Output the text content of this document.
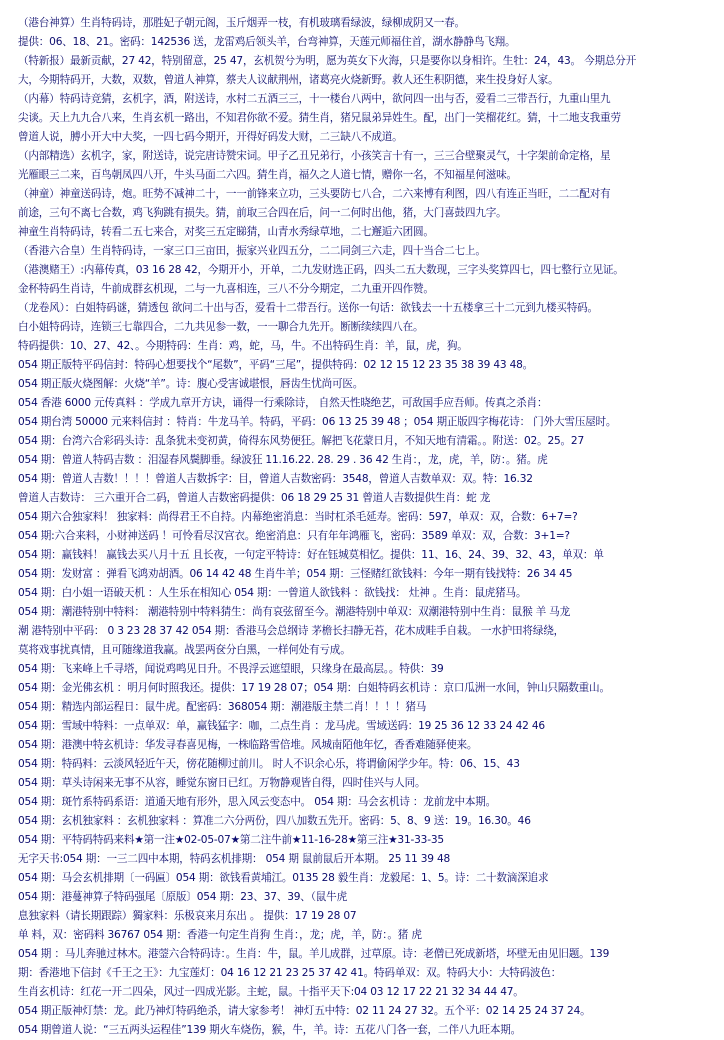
（港台神算）生肖特码诗，那胜妃子朝元阁，玉斤烟弄一枝，有机玻璃看绿波，绿柳成阴又一春。
提供：06、18、21。密码：142536 送，龙雷鸡后领头羊，台弯神算，天莲元师福住首，湖水静静鸟飞翔。
（特新报）最新贡献，27 42，特别留意，25 47，玄机贺兮为明，愿为英女下火海，只是要你以身相许。生牡：24，43。 今期总分开
大，今期特码开，大数，双数，曾道人神算，蔡夫人议献荆州，诸葛亮火烧新野。救人还生积阴德，来生投身好人家。
（内幕）特码诗竞猜，玄机字，酒，附送诗，水村二五酒三三，十一楼台八两中，欲问四一出与否，爱看二三带吾行，九重山里九
尖谈。天上九九合八来，生肖玄机一路出，不知君你欲不爱。猜生肖，猪兄鼠弟异姓生。配，出门一笑榴花红。猜，十二地支我重劳
曾道人说，膊小开大中大奖，一四七码今期开，开得好码发大财，二三缺八不成道。
（内部精选）玄机字，家，附送诗，说完唐诗赞宋词。甲子乙丑兄弟行，小孩笑言十有一，三三合壁聚灵气，十字架前命定格，星
光雁眼三二来，百鸟朝凤四八开，牛头马面二六四。猜生肖，福久之人道七情，赠你一名，不知福星何滋味。
（神童）神童送码诗，炮。旺势不减神二十，一一前锋来立功，三头要防七八合，二六来博有利图，四八有连正当旺，二二配对有
前途，三句不离七合数，鸡飞狗跳有损失。猜，前取三合四在后，问一二何时出他，猪，大门喜鼓四九字。
神童生肖特码诗，转看二五七来合，对奖三五定睇猜，山青水秀绿草地，二七邂逅六团圆。
（香港六合皇）生肖特码诗，一家三口三亩田，振家兴业四五分，二二同剑三六走，四十当合二七上。
（港澳赌王）:内幕传真，03 16 28 42，今期开小，开单，二九发财选正码，四头二五大数现，三字头奖算四七，四七整行立见证。
金杯特码生肖诗，牛前成群玄机现，二与一九喜相连，三八不分今期定，二九重开四作赞。
（龙卷风）：白姐特码谜，猜透包 欲问二十出与否，爱看十二带吾行。送你一句话：欲钱去一十五楼拿三十二元到九楼买特码。
白小姐特码诗，连锁三七靠四合，二九共见参一数，一一聊合九先开。断断续续四八在。
特码提供：10、27、42、。今期特码：生肖：鸡，蛇，马，牛。不出特码生肖：羊，鼠，虎，狗。
054 期正版特平码信封：特码心想要找个“尾数”，平码“三尾”，提供特码：02 12 15 12 23 35 38 39 43 48。
054 期正版火烧图解：火烧“羊”。诗：腹心受害诚堪恨，唇齿生忧尚可医。
054 香港 6000 元传真料 ：学成九章开方诀，诵得一行乘除诗， 自然天性晓绝艺，可敌国手应吾师。传真之杀肖：
054 期台湾 50000 元来料信封 ：特肖：牛龙马羊。特码，平码：06 13 25 39 48 ；054 期正版四字梅花诗： 门外大雪压屋时。
054 期：台湾六合彩码头诗：乱条犹未变初黄，倚得东风势便狂。解把飞花蒙日月，不知天地有清霜。。附送：02。25。27
054 期：曾道人特码吉数 ：泪湿春风鬓脚垂。绿波狂 11.16.22. 28. 29 . 36 42 生肖：，龙，虎，羊，防：。猪。虎
054 期：曾道人吉数！！！！曾道人吉数拆字：目，曾道人吉数密码：3548，曾道人吉数单双：双。特：16.32
曾道人吉数诗： 三六重开合二码，曾道人吉数密码提供：06 18 29 25 31 曾道人吉数提供生肖：蛇 龙
054 期六合独家料！ 独家料：尚得君王不自持。内幕绝密消息：当时杠杀毛延寿。密码：597，单双：双，合数：6+7=?
054 期:六合来料，小财神送码 ！可怜看尽汉宫衣。绝密消息：只有年年鸿雁飞，密码：3589 单双：双，合数：3+1=?
054 期：赢钱料！ 赢钱去买八月十五 且长夜，一句定平特诗：好在钰城莫相忆。提供：11、16、24、39、32、43，单双：单
054 期：发财富 ：弹看飞鸿劝胡酒。06 14 42 48 生肖牛羊；054 期：三怪赌红欲钱料：今年一期有钱找特：26 34 45
054 期：白小姐一语破天机 ：人生乐在相知心 054 期：一曾道人欲钱料 ：欲钱找： 灶神 。生肖：鼠虎猪马。
054 期：潮港特别中特料： 潮港特别中特料猜生：尚有哀弦留至今。潮港特别中单双：双潮港特别中生肖：鼠猴 羊 马龙
潮 港特别中平码： 0 3 23 28 37 42 054 期：香港马会总纲诗 茅檐长扫静无苔，花木成畦手自栽。 一水护田将绿绕，
莫将戏事扰真情，且可随缘道我赢。战罢两奁分白黑，一样何处有亏成。
054 期：飞来峰上千寻塔，闻说鸡鸣见日升。不畏浮云遮望眼，只缘身在最高层。。特供：39
054 期：金光佛玄机 ：明月何时照我还。提供：17 19 28 07；054 期：白姐特码玄机诗 ：京口瓜洲一水间，钟山只隔数重山。
054 期：精选内部运程日：鼠牛虎。配密码：368054 期：潮港版主禁二肖！！！！猪马
054 期：雪域中特料：一点单双：单，赢钱猛字：咖，二点生肖 ：龙马虎。雪域送码：19 25 36 12 33 24 42 46
054 期：港澳中特玄机诗：华发寻春喜见梅，一株临路雪倍堆。风城南陌他年忆，香香难随驿使来。
054 期：特码料：云淡风轻近午天，傍花随柳过前川。 时人不识余心乐，将谓偷闲学少年。特：06、15、43
054 期：草头诗闲来无事不从容，睡觉东窗日已红。万物静观皆自得，四时佳兴与人同。
054 期：斑竹系特码系语：道通天地有形外，思入风云变态中。 054 期：马会玄机诗 ：龙前龙中本期。
054 期：玄机独家料 ：玄机独家料 ：算准二六分两份，四八加数五先开。密码：5、8、9 送：19。16.30。46
054 期：平特码特码来料★第一注★02-05-07★第二注牛前★11-16-28★第三注★31-33-35
无字天书:054 期：一三二四中本期，特码玄机排期： 054 期 鼠前鼠后开本期。 25 11 39 48
054 期：马会玄机排期〔一码匾〕054 期：欲钱看黄埔江。0135 28 毅生肖：龙毅尾：1、5。诗：二十数滴深追求
054 期：港蔓神算子特码强尾〔原版〕054 期：23、37、39、（鼠牛虎
息独家料（请长期跟踪）獨家料：乐极哀来月东出 。 提供：17 19 28 07
单 料，双：密码料 36767 054 期：香港一句定生肖狗 生肖：，龙；虎，羊，防：。猪 虎
054 期 ：马儿奔驰过林木。港蓥六合特码诗：。生肖：牛，鼠。羊儿成群，过草原。诗：老僧已死成新塔，坏壁无由见旧题。139
期：香港地下信封《千王之王》：九宝莲灯：04 16 12 21 23 25 37 42 41。特码单双：双。特码大小：大特码波色：
生肖玄机诗：红花一开二四朵，风过一四成光影。主蛇，鼠。十指平天下:04 03 12 17 22 21 32 34 44 47。
054 期正版神灯禁：龙。此乃神灯特码绝杀，请大家参考！ 神灯五中特：02 11 24 27 32。五个平：02 14 25 24 37 24。
054 期曾道人说：“三五两头运程佳”139 期火车烧伤，猴，牛，羊。诗：五花八门各一套，二伴八九旺本期。
